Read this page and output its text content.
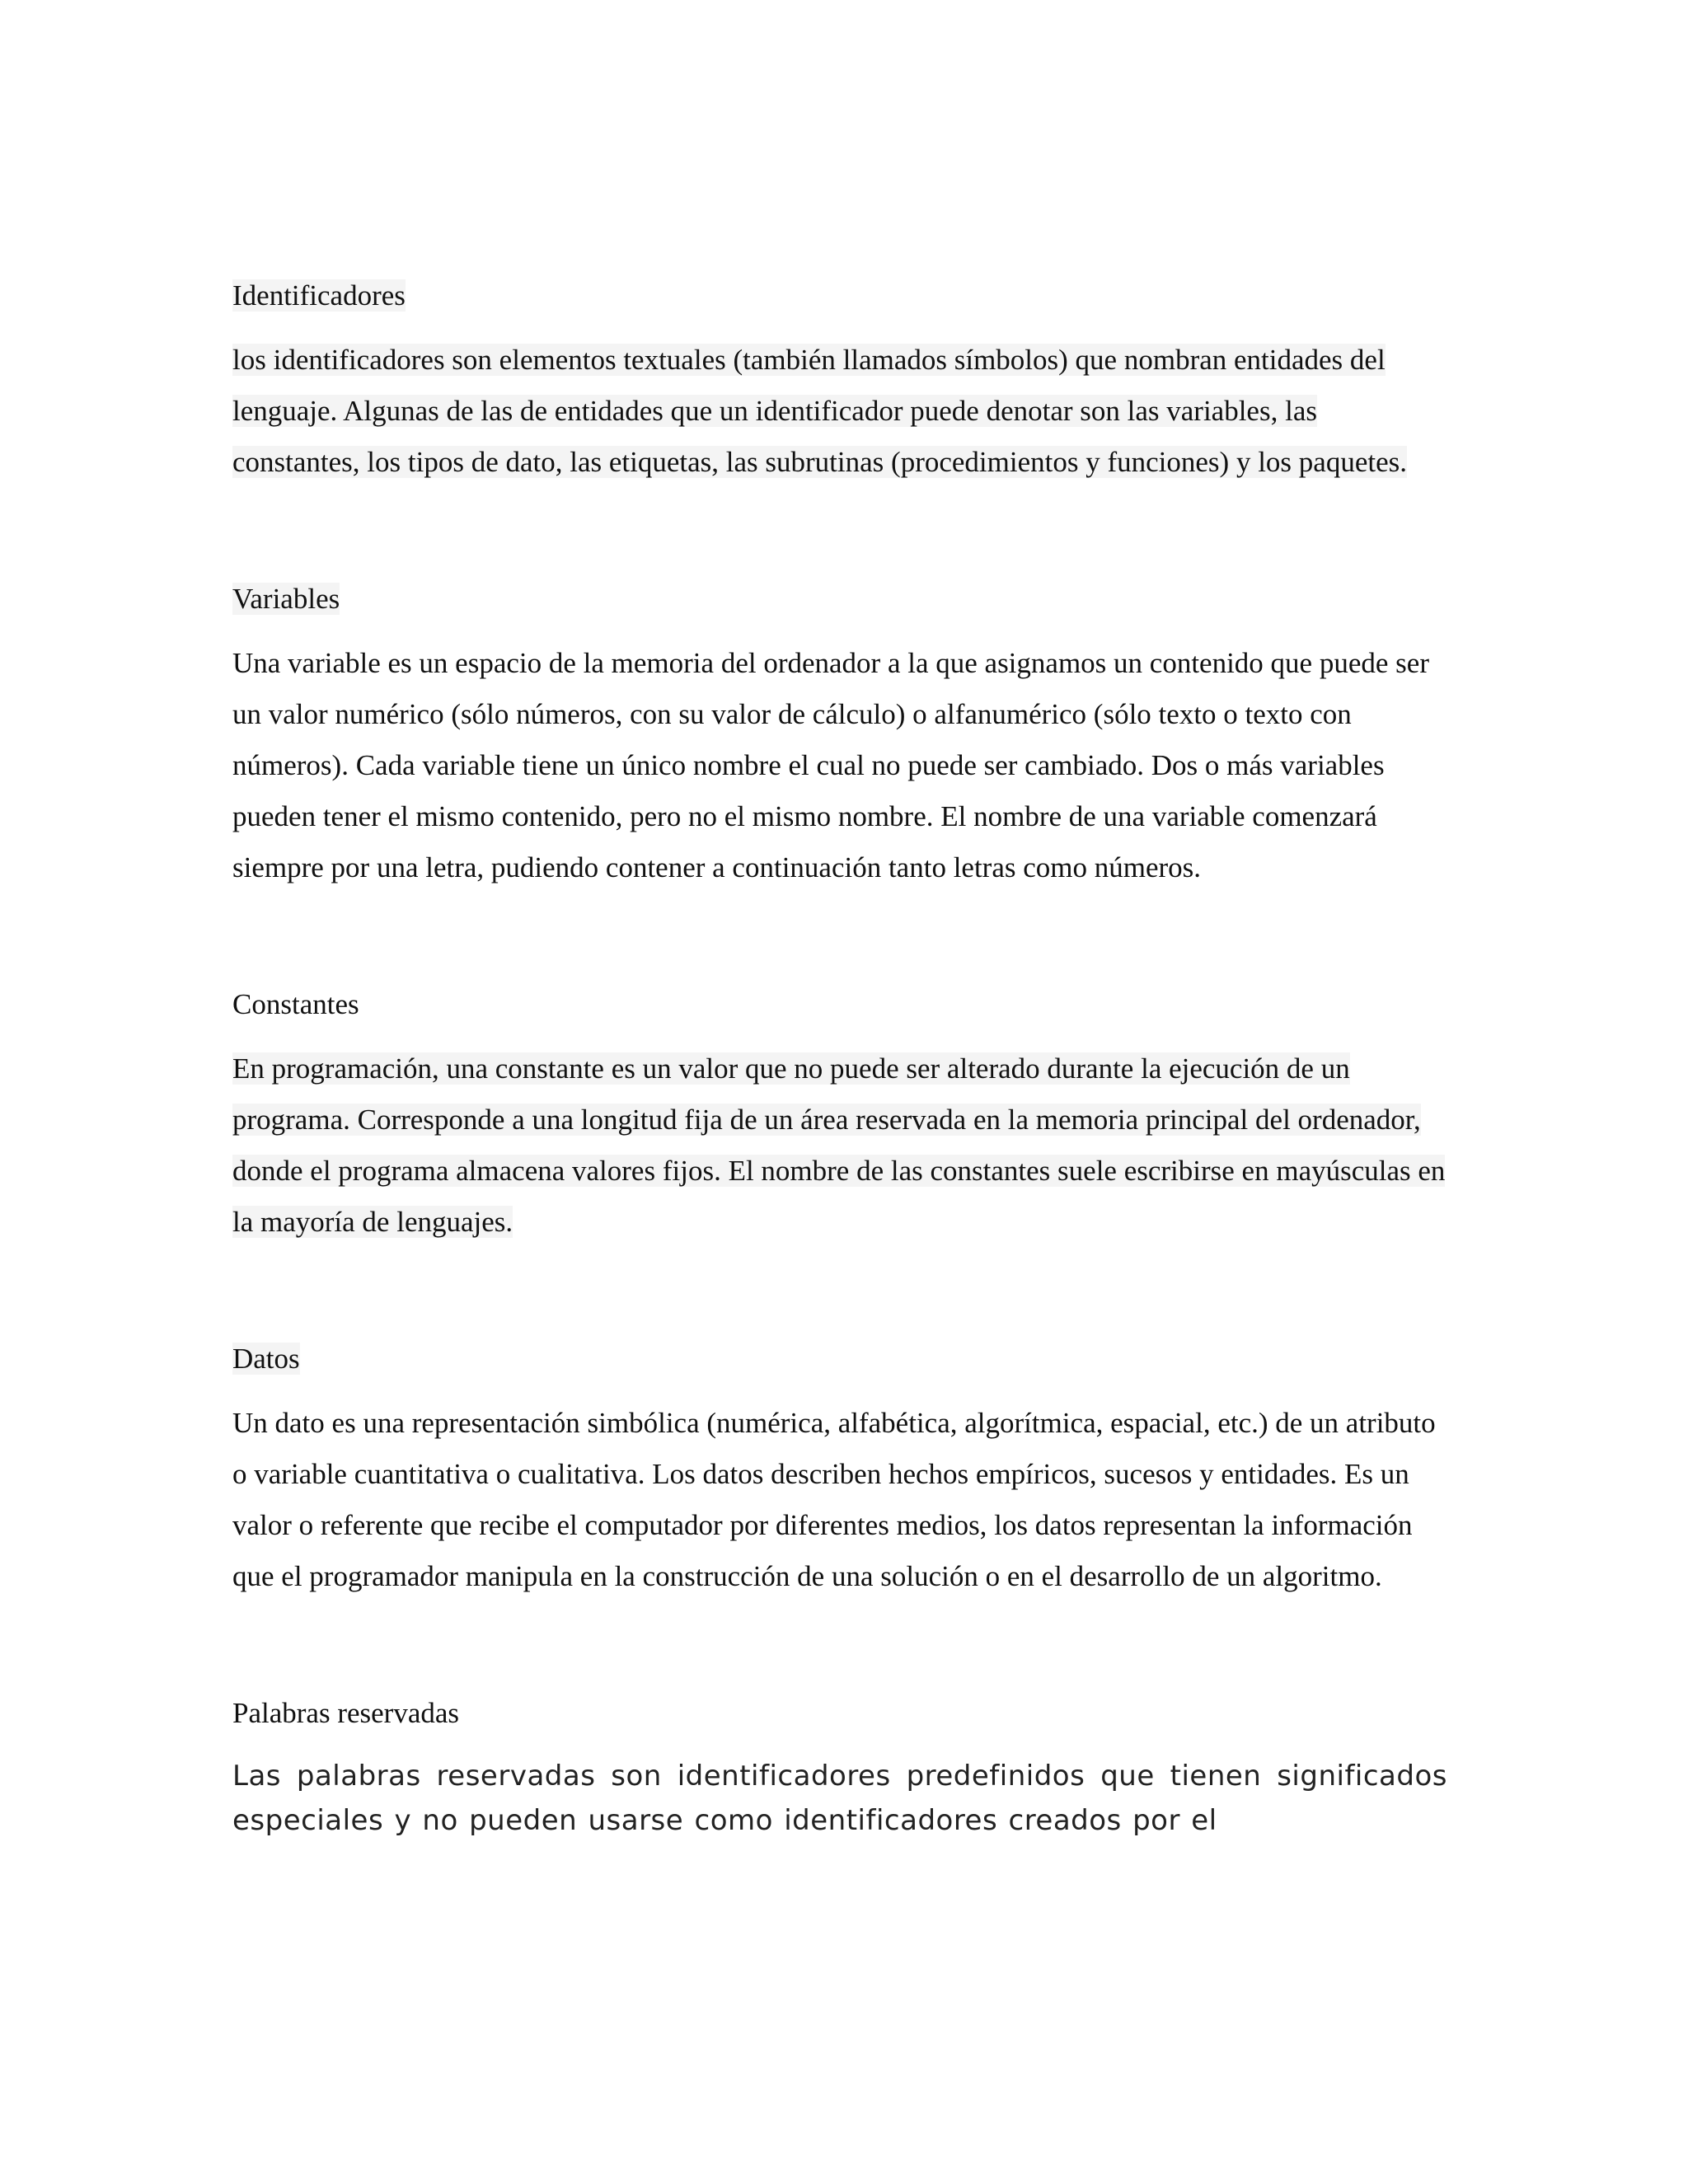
Identificadores

los identificadores son elementos textuales (también llamados símbolos) que nombran entidades del lenguaje. Algunas de las de entidades que un identificador puede denotar son las variables, las constantes, los tipos de dato, las etiquetas, las subrutinas (procedimientos y funciones) y los paquetes.

Variables

Una variable es un espacio de la memoria del ordenador a la que asignamos un contenido que puede ser un valor numérico (sólo números, con su valor de cálculo) o alfanumérico (sólo texto o texto con números). Cada variable tiene un único nombre el cual no puede ser cambiado. Dos o más variables pueden tener el mismo contenido, pero no el mismo nombre. El nombre de una variable comenzará siempre por una letra, pudiendo contener a continuación tanto letras como números.

Constantes

En programación, una constante es un valor que no puede ser alterado durante la ejecución de un programa. Corresponde a una longitud fija de un área reservada en la memoria principal del ordenador, donde el programa almacena valores fijos. El nombre de las constantes suele escribirse en mayúsculas en la mayoría de lenguajes.

Datos

Un dato es una representación simbólica (numérica, alfabética, algorítmica, espacial, etc.) de un atributo o variable cuantitativa o cualitativa. Los datos describen hechos empíricos, sucesos y entidades. Es un valor o referente que recibe el computador por diferentes medios, los datos representan la información que el programador manipula en la construcción de una solución o en el desarrollo de un algoritmo.

Palabras reservadas

Las palabras reservadas son identificadores predefinidos que tienen significados especiales y no pueden usarse como identificadores creados por el
